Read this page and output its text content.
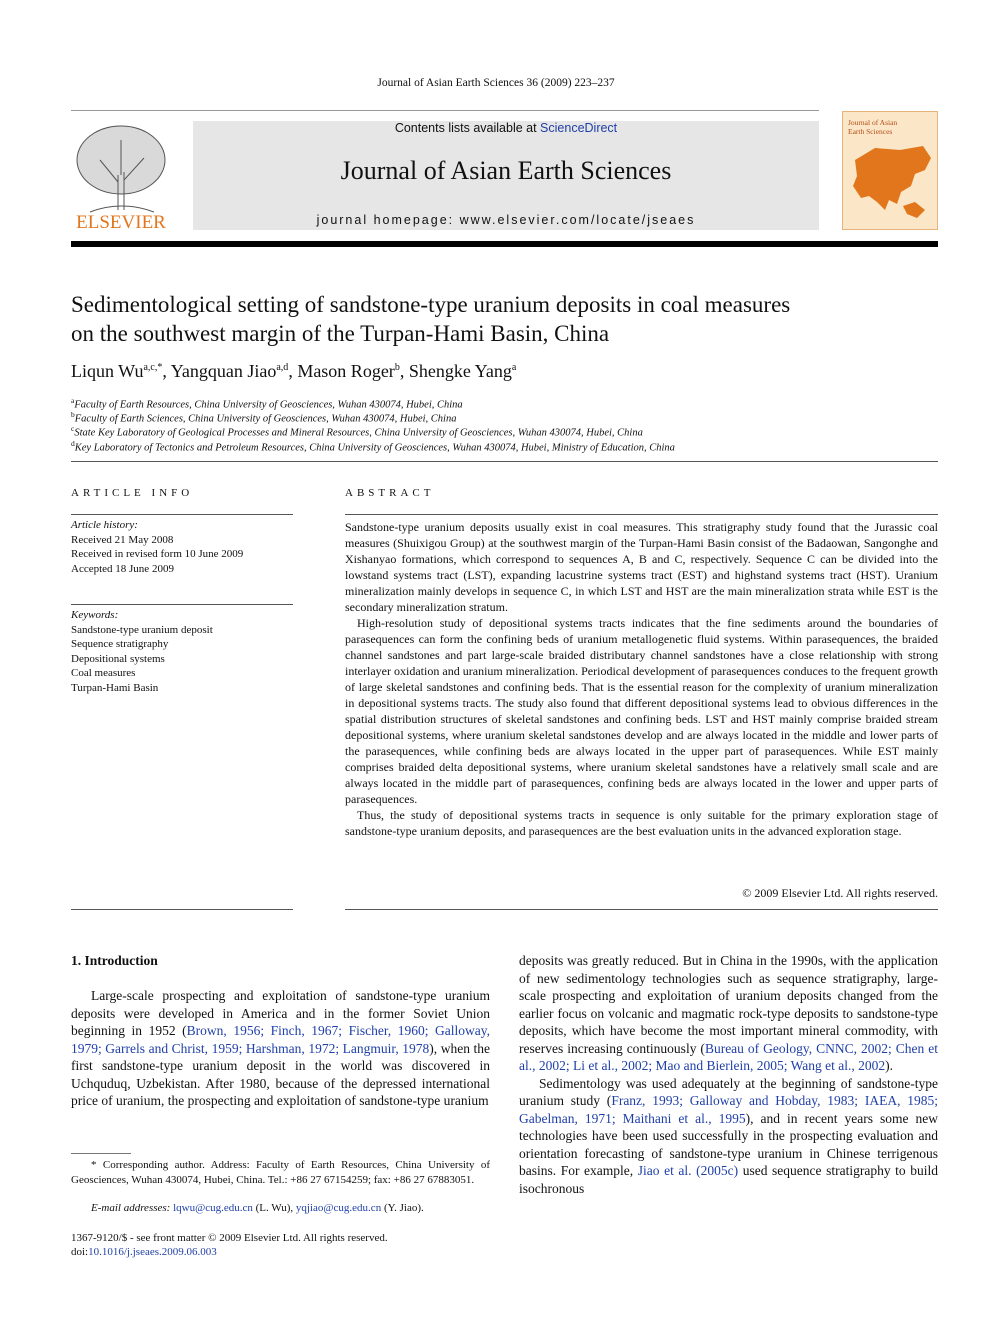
Journal of Asian Earth Sciences 36 (2009) 223–237
ELSEVIER
Contents lists available at ScienceDirect
Journal of Asian Earth Sciences
journal homepage: www.elsevier.com/locate/jseaes
Journal of Asian Earth Sciences
Sedimentological setting of sandstone-type uranium deposits in coal measures
on the southwest margin of the Turpan-Hami Basin, China
Liqun $Wu^{a,c,*}$, Yangquan Jiao$^{a,d}$, Mason Roger$^b$, Shengke Yang$^a$
$^a$Faculty of Earth Resources, China University of Geosciences, Wuhan 430074, Hubei, China
$^b$Faculty of Earth Sciences, China University of Geosciences, Wuhan 430074, Hubei, China
$^c$State Key Laboratory of Geological Processes and Mineral Resources, China University of Geosciences, Wuhan 430074, Hubei, China
$^d$Key Laboratory of Tectonics and Petroleum Resources, China University of Geosciences, Wuhan 430074, Hubei, Ministry of Education, China
ARTICLE INFO
Article history:
Received 21 May 2008
Received in revised form 10 June 2009
Accepted 18 June 2009
Keywords:
Sandstone-type uranium deposit
Sequence stratigraphy
Depositional systems
Coal measures
Turpan-Hami Basin
ABSTRACT

Sandstone-type uranium deposits usually exist in coal measures. This stratigraphy study found that the Jurassic coal measures (Shuixigou Group) at the southwest margin of the Turpan-Hami Basin consist of the Badaowan, Sangonghe and Xishanyao formations, which correspond to sequences A, B and C, respectively. Sequence C can be divided into the lowstand systems tract (LST), expanding lacustrine systems tract (EST) and highstand systems tract (HST). Uranium mineralization mainly develops in sequence C, in which LST and HST are the main mineralization strata while EST is the secondary mineralization stratum.

High-resolution study of depositional systems tracts indicates that the fine sediments around the boundaries of parasequences can form the confining beds of uranium metallogenetic fluid systems. Within parasequences, the braided channel sandstones and part large-scale braided distributary channel sandstones have a close relationship with strong interlayer oxidation and uranium mineralization. Periodical development of parasequences conduces to the frequent growth of large skeletal sandstones and confining beds. That is the essential reason for the complexity of uranium mineralization in depositional systems tracts. The study also found that different depositional systems lead to obvious differences in the spatial distribution structures of skeletal sandstones and confining beds. LST and HST mainly comprise braided stream depositional systems, where uranium skeletal sandstones develop and are always located in the middle and lower parts of the parasequences, while confining beds are always located in the upper part of parasequences. While EST mainly comprises braided delta depositional systems, where uranium skeletal sandstones have a relatively small scale and are always located in the middle part of parasequences, confining beds are always located in the lower and upper parts of parasequences.

Thus, the study of depositional systems tracts in sequence is only suitable for the primary exploration stage of sandstone-type uranium deposits, and parasequences are the best evaluation units in the advanced exploration stage.

© 2009 Elsevier Ltd. All rights reserved.
1. Introduction

Large-scale prospecting and exploitation of sandstone-type uranium deposits were developed in America and in the former Soviet Union beginning in 1952 (Brown, 1956; Finch, 1967; Fischer, 1960; Galloway, 1979; Garrels and Christ, 1959; Harshman, 1972; Langmuir, 1978), when the first sandstone-type uranium deposit in the world was discovered in Uchquduq, Uzbekistan. After 1980, because of the depressed international price of uranium, the prospecting and exploitation of sandstone-type uranium

deposits was greatly reduced. But in China in the 1990s, with the application of new sedimentology technologies such as sequence stratigraphy, large-scale prospecting and exploitation of uranium deposits changed from the earlier focus on volcanic and magmatic rock-type deposits to sandstone-type deposits, which have become the most important mineral commodity, with reserves increasing continuously (Bureau of Geology, CNNC, 2002; Chen et al., 2002; Li et al., 2002; Mao and Bierlein, 2005; Wang et al., 2002).

Sedimentology was used adequately at the beginning of sandstone-type uranium study (Franz, 1993; Galloway and Hobday, 1983; IAEA, 1985; Gabelman, 1971; Maithani et al., 1995), and in recent years some new technologies have been used successfully in the prospecting evaluation and orientation forecasting of sandstone-type uranium in Chinese terrigenous basins. For example, Jiao et al. (2005c) used sequence stratigraphy to build isochronous

* Corresponding author. Address: Faculty of Earth Resources, China University of Geosciences, Wuhan 430074, Hubei, China. Tel.: +86 27 67154259; fax: +86 27 67883051.
E-mail addresses: lqwu@cug.edu.cn (L. Wu), yqjiao@cug.edu.cn (Y. Jiao).
1367-9120/$ - see front matter © 2009 Elsevier Ltd. All rights reserved.
doi:10.1016/j.jseaes.2009.06.003
